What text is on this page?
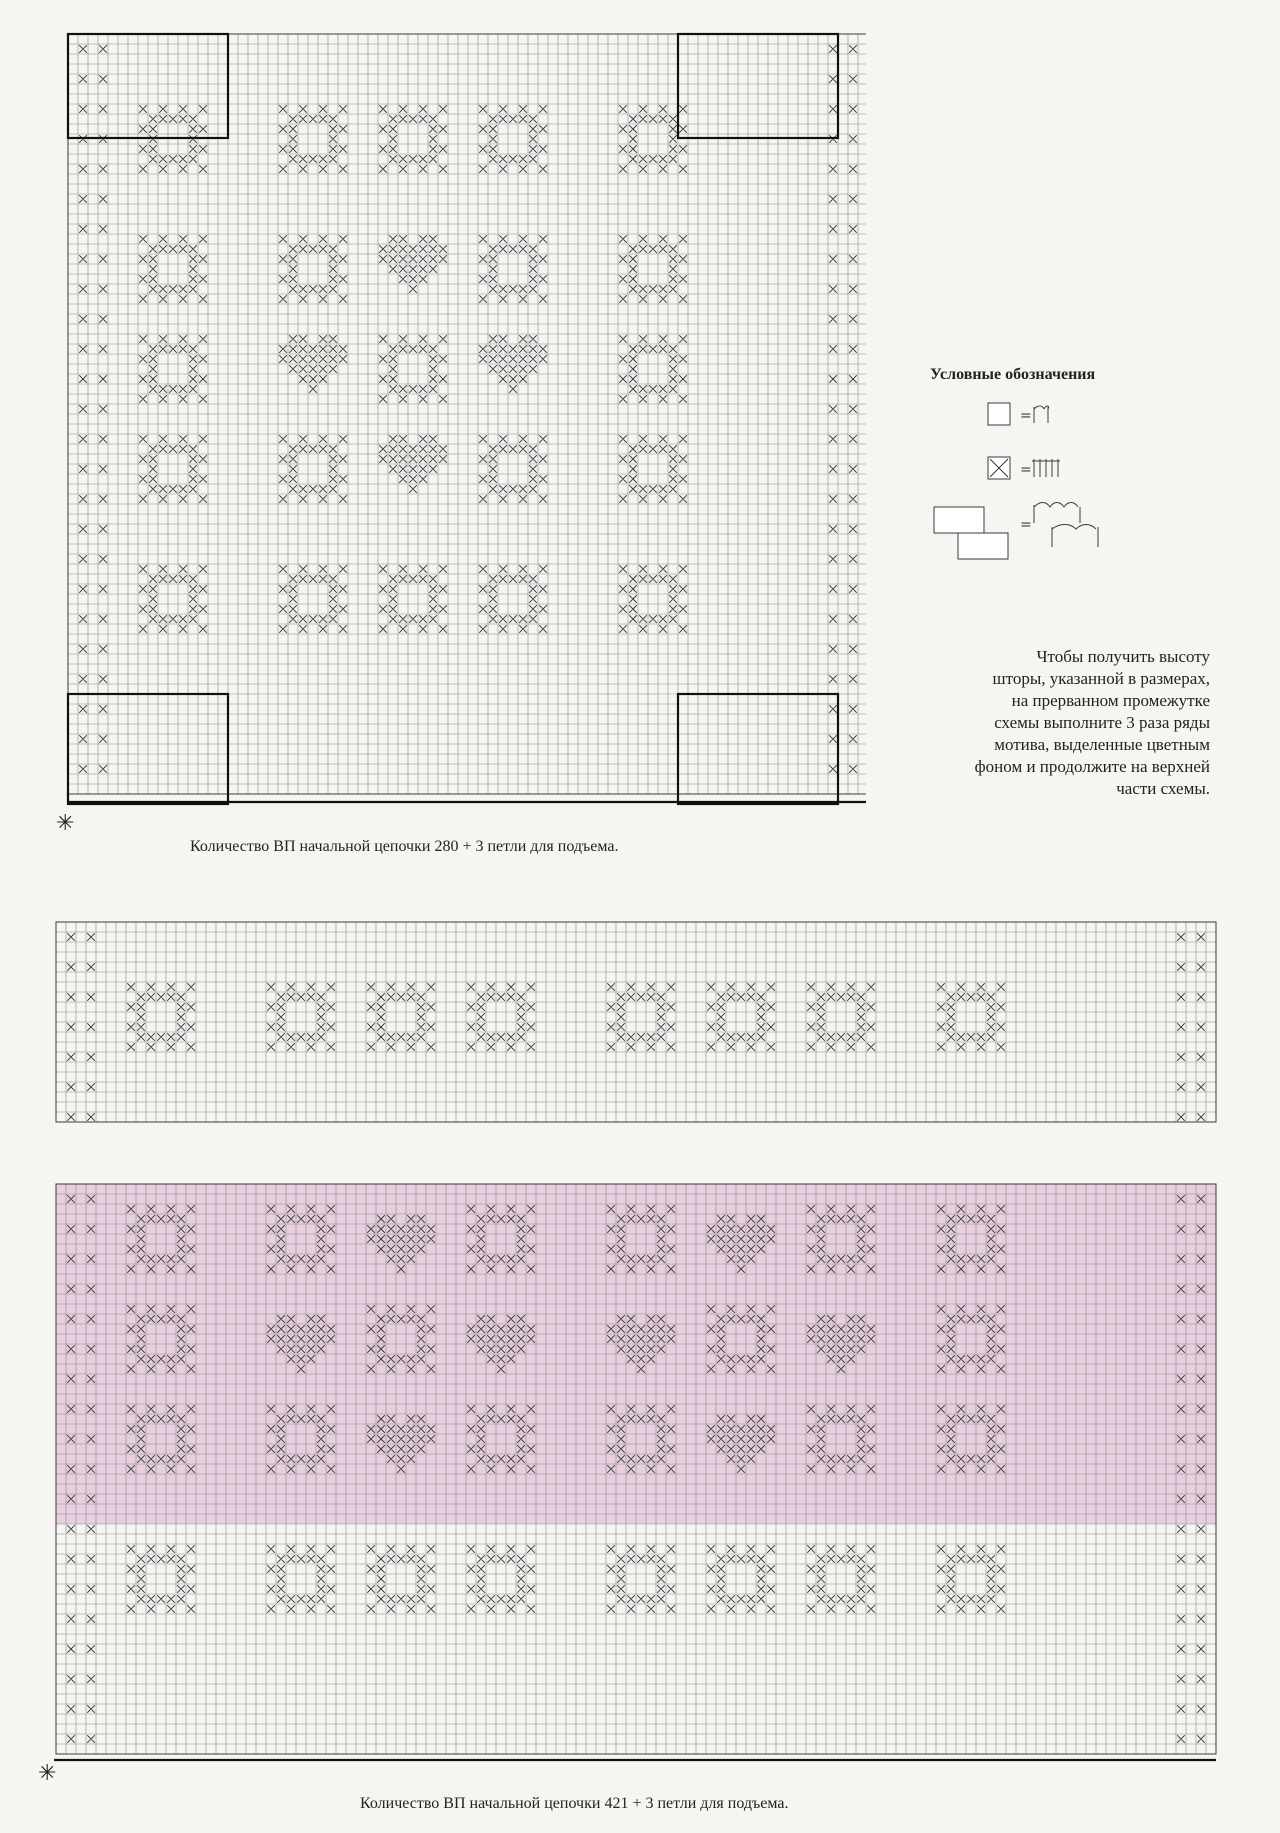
✳
Количество ВП начальной цепочки 280 + 3 петли для подъема.
Условные обозначения
=
=
=
Чтобы получить высоту
шторы, указанной в размерах,
на прерванном промежутке
схемы выполните 3 раза ряды
мотива, выделенные цветным
фоном и продолжите на верхней
части схемы.
✳
Количество ВП начальной цепочки 421 + 3 петли для подъема.
